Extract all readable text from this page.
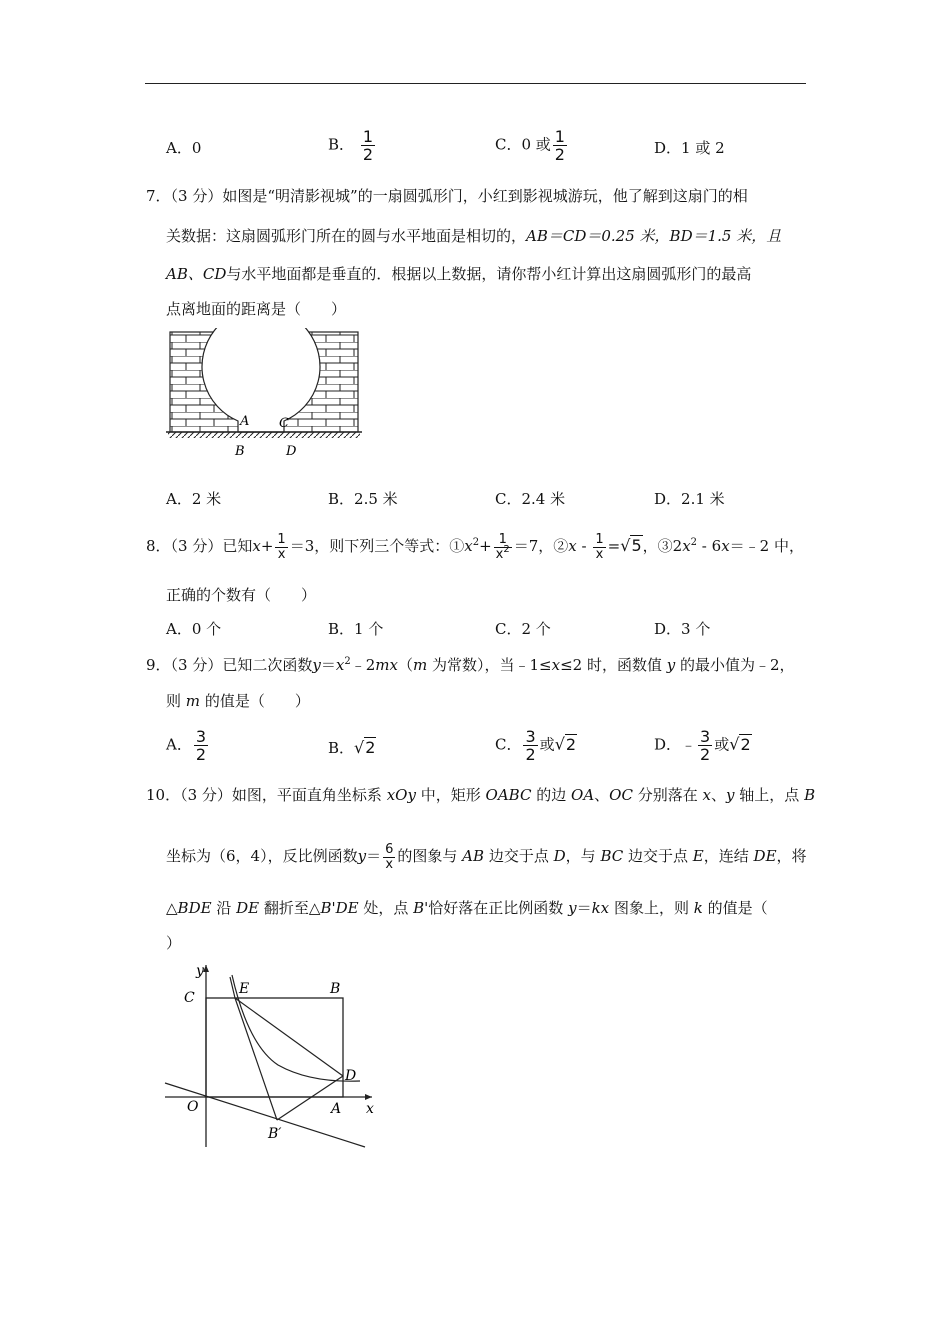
A．0	B． $\frac{1}{2}$	C．0 或 $\frac{1}{2}$	D．1 或 2
7．（3 分）如图是“明清影视城”的一扇圆弧形门，小红到影视城游玩，他了解到这扇门的相
关数据：这扇圆弧形门所在的圆与水平地面是相切的，AB＝CD＝0.25 米，BD＝1.5 米，且
AB、CD与水平地面都是垂直的．根据以上数据，请你帮小红计算出这扇圆弧形门的最高
点离地面的距离是（　　）
A C
B	D
A．2 米	B．2.5 米	C．2.4 米	D．2.1 米
8．（3 分）已知$x+ \frac{1}{x} =3$，则下列三个等式：$①x^2+ \frac{1}{x^2} =7$，②x - $\frac{1}{x} =√5$，$③2x^2$ - 6x＝﹣2 中，
正确的个数有（　　）
A．0 个	B．1 个	C．2 个	D．3 个
9．（3 分）已知二次函数$y=x^2﹣2mx(m$ 为常数），当﹣1≤x≤2 时，函数值 y 的最小值为﹣2，
则 m 的值是（　　）
A． $\frac{3}{2}$	B．√2	C． $\frac{3}{2}$ 或√2	D．﹣ $\frac{3}{2}$ 或√2
10．（3 分）如图，平面直角坐标系 xOy 中，矩形 OABC 的边 OA、OC 分别落在 x、y 轴上，点 B
坐标为（6，4），反比例函数$y= \frac{6}{x}$ 的图象与 AB 边交于点 D，与 BC 边交于点 E，连结 DE，将
△BDE 沿 DE 翻折至△B'DE 处，点 B'恰好落在正比例函数 y＝kx 图象上，则 k 的值是（
）
y
x
C
E	B
O	A
D
B′
